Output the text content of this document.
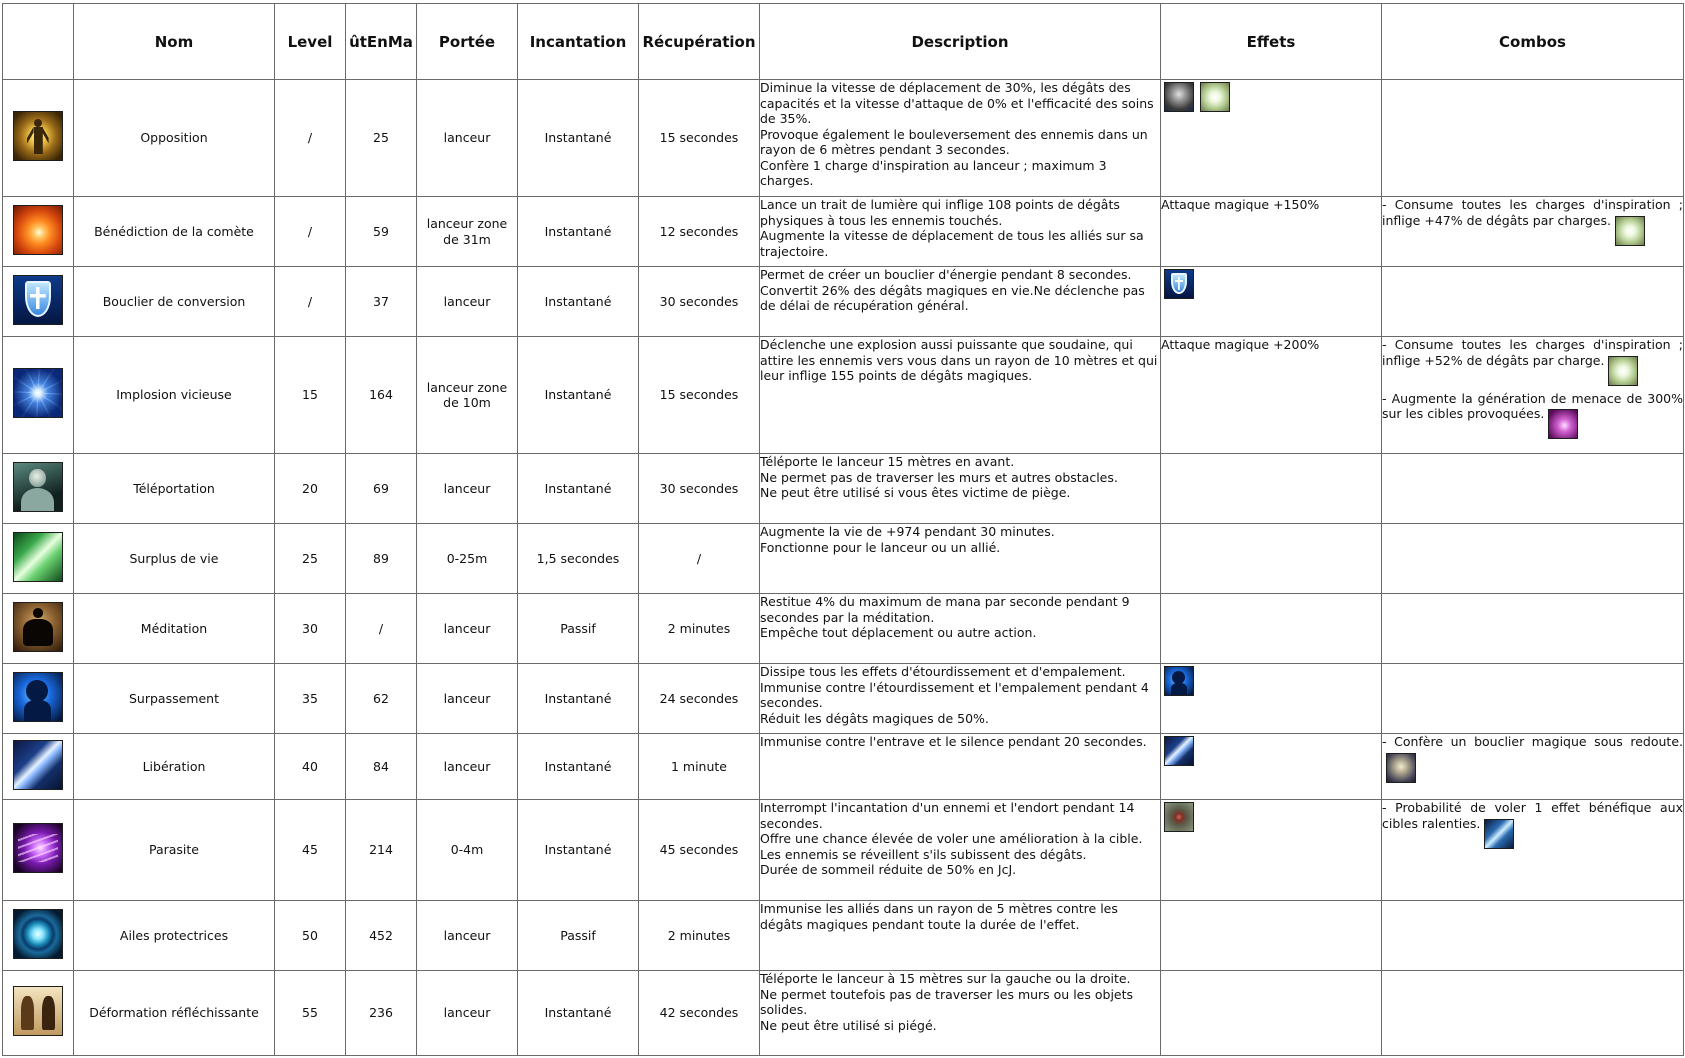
	Nom	Level	ûtEnMa	Portée	Incantation	Récupération	Description	Effets	Combos
	Opposition	/	25	lanceur	Instantané	15 secondes	Diminue la vitesse de déplacement de 30%, les dégâts des capacités et la vitesse d'attaque de 0% et l'efficacité des soins de 35%.
Provoque également le bouleversement des ennemis dans un rayon de 6 mètres pendant 3 secondes.
Confère 1 charge d'inspiration au lanceur ; maximum 3 charges.		

	Bénédiction de la comète	/	59	lanceur zone de 31m	Instantané	12 secondes	Lance un trait de lumière qui inflige 108 points de dégâts physiques à tous les ennemis touchés.
Augmente la vitesse de déplacement de tous les alliés sur sa trajectoire.	Attaque magique +150%	- Consume toutes les charges d'inspiration ; inflige +47% de dégâts par charges.

	Bouclier de conversion	/	37	lanceur	Instantané	30 secondes	Permet de créer un bouclier d'énergie pendant 8 secondes.
Convertit 26% des dégâts magiques en vie.Ne déclenche pas de délai de récupération général.		

	Implosion vicieuse	15	164	lanceur zone de 10m	Instantané	15 secondes	Déclenche une explosion aussi puissante que soudaine, qui attire les ennemis vers vous dans un rayon de 10 mètres et qui leur inflige 155 points de dégâts magiques.	Attaque magique +200%	- Consume toutes les charges d'inspiration ; inflige +52% de dégâts par charge.
- Augmente la génération de menace de 300% sur les cibles provoquées.

	Téléportation	20	69	lanceur	Instantané	30 secondes	Téléporte le lanceur 15 mètres en avant.
Ne permet pas de traverser les murs et autres obstacles.
Ne peut être utilisé si vous êtes victime de piège.		

	Surplus de vie	25	89	0-25m	1,5 secondes	/	Augmente la vie de +974 pendant 30 minutes.
Fonctionne pour le lanceur ou un allié.		

	Méditation	30	/	lanceur	Passif	2 minutes	Restitue 4% du maximum de mana par seconde pendant 9 secondes par la méditation.
Empêche tout déplacement ou autre action.		

	Surpassement	35	62	lanceur	Instantané	24 secondes	Dissipe tous les effets d'étourdissement et d'empalement.
Immunise contre l'étourdissement et l'empalement pendant 4 secondes.
Réduit les dégâts magiques de 50%.		

	Libération	40	84	lanceur	Instantané	1 minute	Immunise contre l'entrave et le silence pendant 20 secondes.		- Confère un bouclier magique sous redoute.

	Parasite	45	214	0-4m	Instantané	45 secondes	Interrompt l'incantation d'un ennemi et l'endort pendant 14 secondes.
Offre une chance élevée de voler une amélioration à la cible.
Les ennemis se réveillent s'ils subissent des dégâts.
Durée de sommeil réduite de 50% en JcJ.		- Probabilité de voler 1 effet bénéfique aux cibles ralenties.

	Ailes protectrices	50	452	lanceur	Passif	2 minutes	Immunise les alliés dans un rayon de 5 mètres contre les dégâts magiques pendant toute la durée de l'effet.		

	Déformation réfléchissante	55	236	lanceur	Instantané	42 secondes	Téléporte le lanceur à 15 mètres sur la gauche ou la droite.
Ne permet toutefois pas de traverser les murs ou les objets solides.
Ne peut être utilisé si piégé.		
